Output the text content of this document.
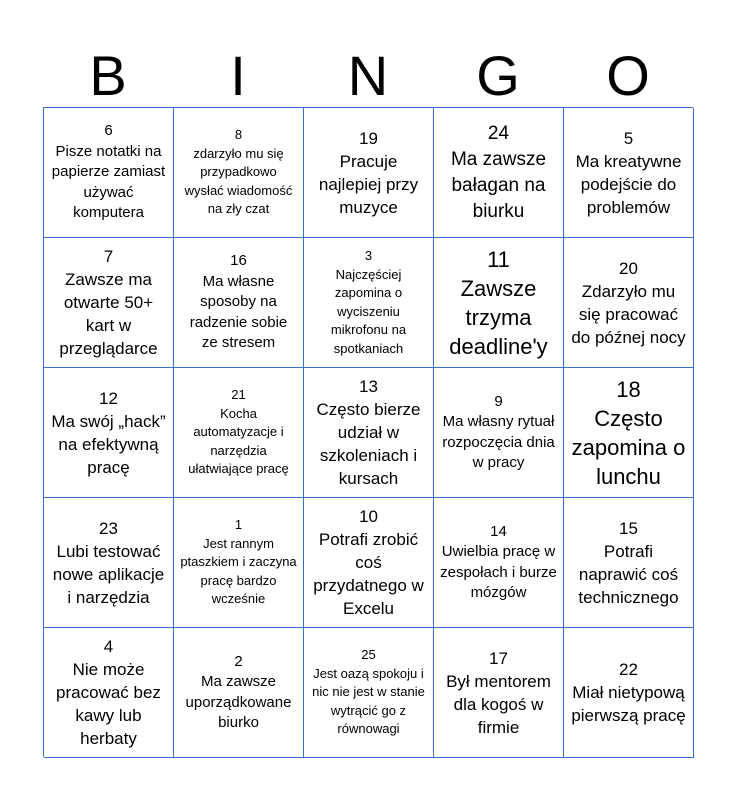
B	I	N	G	O
6
Pisze notatki na papierze zamiast używać komputera
8
zdarzyło mu się przypadkowo wysłać wiadomość na zły czat
19
Pracuje najlepiej przy muzyce
24
Ma zawsze bałagan na biurku
5
Ma kreatywne podejście do problemów
7
Zawsze ma otwarte 50+ kart w przeglądarce
16
Ma własne sposoby na radzenie sobie ze stresem
3
Najczęściej zapomina o wyciszeniu mikrofonu na spotkaniach
11
Zawsze trzyma deadline'y
20
Zdarzyło mu się pracować do późnej nocy
12
Ma swój „hack” na efektywną pracę
21
Kocha automatyzacje i narzędzia ułatwiające pracę
13
Często bierze udział w szkoleniach i kursach
9
Ma własny rytuał rozpoczęcia dnia w pracy
18
Często zapomina o lunchu
23
Lubi testować nowe aplikacje i narzędzia
1
Jest rannym ptaszkiem i zaczyna pracę bardzo wcześnie
10
Potrafi zrobić coś przydatnego w Excelu
14
Uwielbia pracę w zespołach i burze mózgów
15
Potrafi naprawić coś technicznego
4
Nie może pracować bez kawy lub herbaty
2
Ma zawsze uporządkowane biurko
25
Jest oazą spokoju i nic nie jest w stanie wytrącić go z równowagi
17
Był mentorem dla kogoś w firmie
22
Miał nietypową pierwszą pracę
